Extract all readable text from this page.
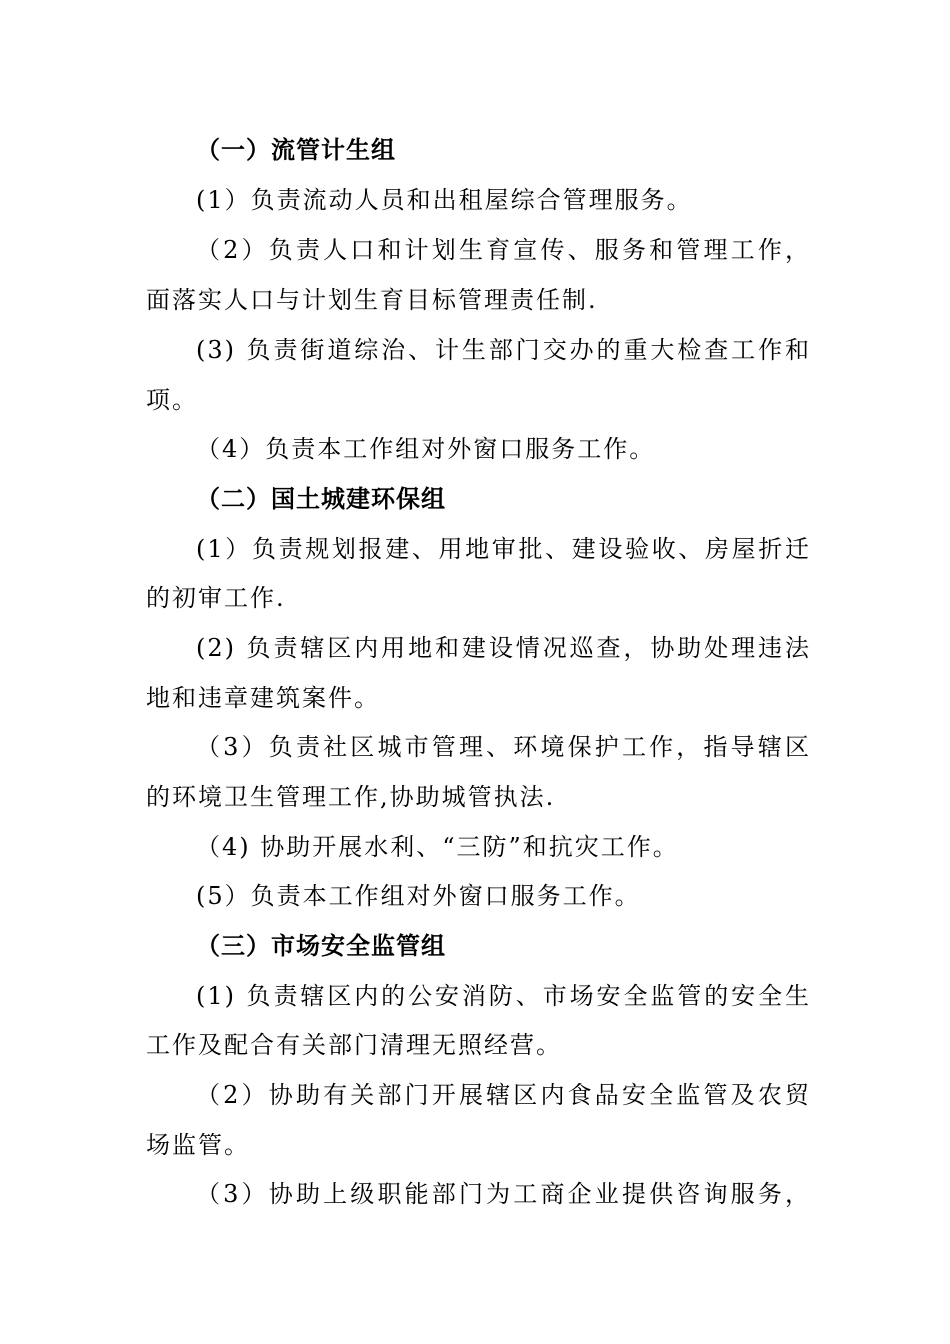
（一）流管计生组
(1）负责流动人员和出租屋综合管理服务。
（2）负责人口和计划生育宣传、服务和管理工作，
面落实人口与计划生育目标管理责任制.
(3) 负责街道综治、计生部门交办的重大检查工作和
项。
（4）负责本工作组对外窗口服务工作。
（二）国土城建环保组
(1）负责规划报建、用地审批、建设验收、房屋折迁
的初审工作.
(2) 负责辖区内用地和建设情况巡查，协助处理违法
地和违章建筑案件。
（3）负责社区城市管理、环境保护工作，指导辖区
的环境卫生管理工作,协助城管执法.
（4) 协助开展水利、“三防”和抗灾工作。
(5）负责本工作组对外窗口服务工作。
（三）市场安全监管组
(1) 负责辖区内的公安消防、市场安全监管的安全生
工作及配合有关部门清理无照经营。
（2）协助有关部门开展辖区内食品安全监管及农贸
场监管。
（3）协助上级职能部门为工商企业提供咨询服务，
